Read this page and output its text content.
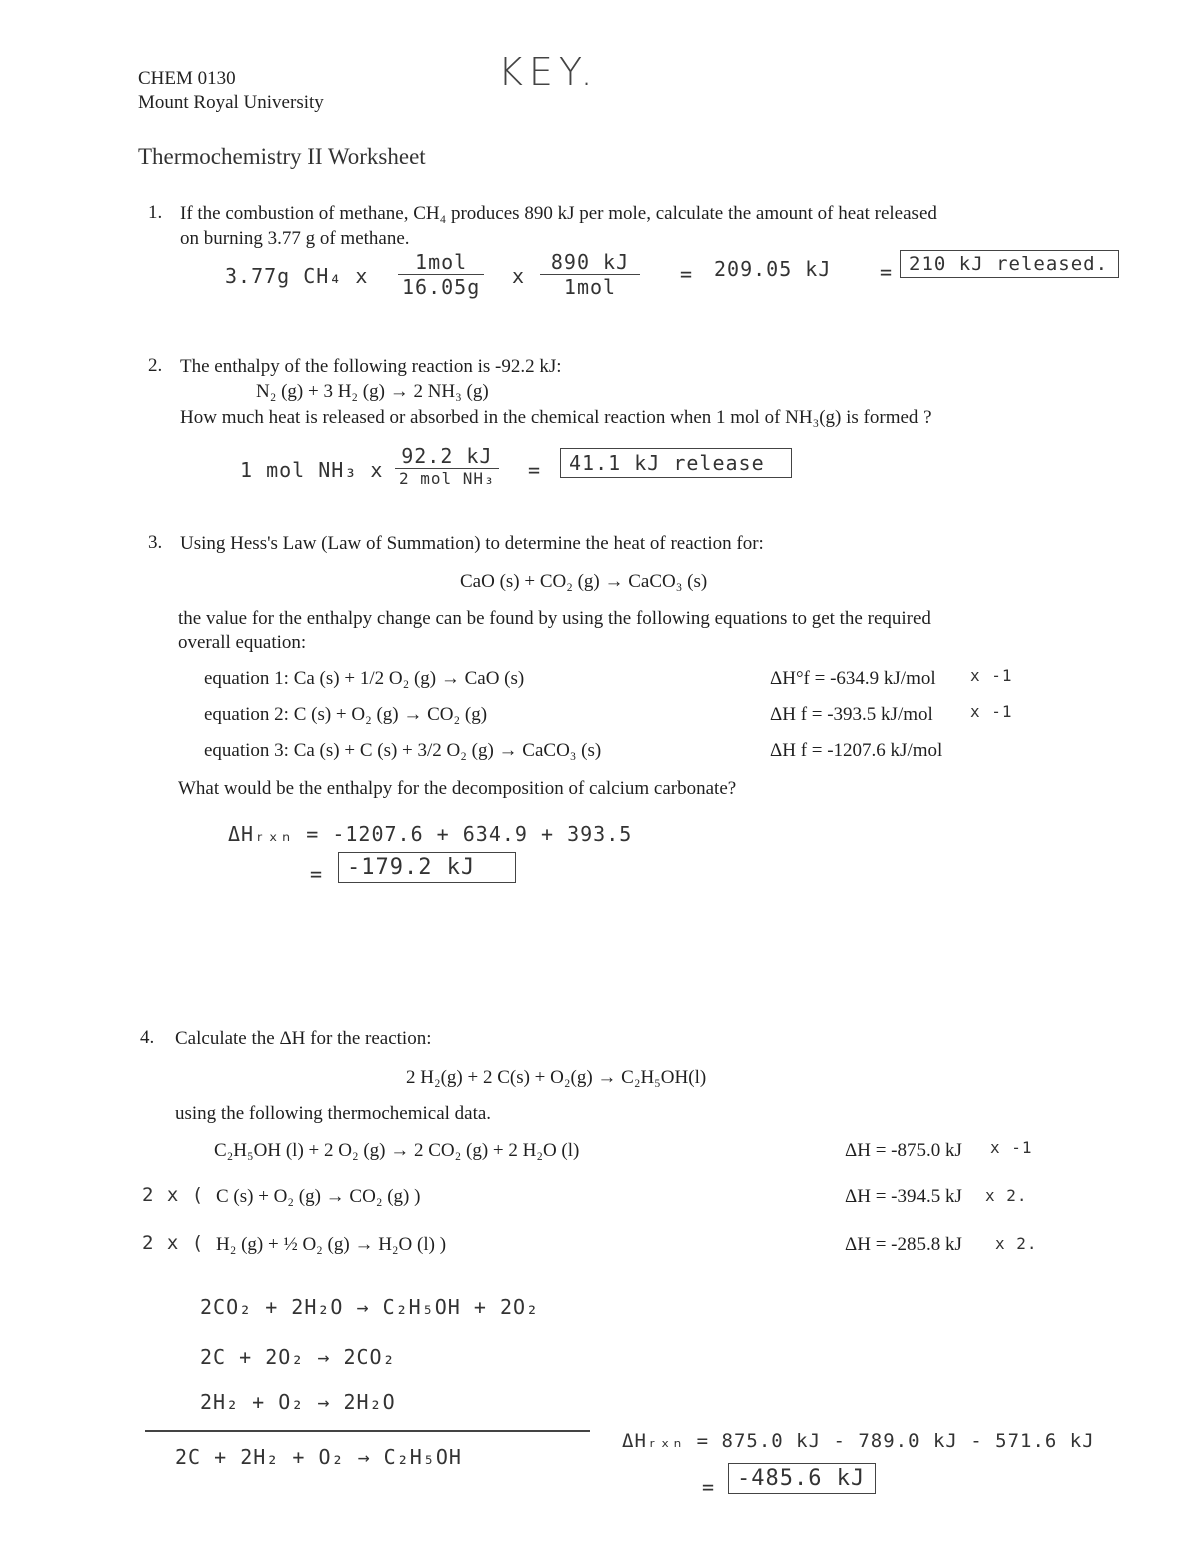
CHEM 0130
Mount Royal University
KEY.
Thermochemistry II Worksheet
1. If the combustion of methane, CH₄ produces 890 kJ per mole, calculate the amount of heat released
on burning 3.77 g of methane.
3.77g CH₄ x $\frac{\text{1mol}}{16.05g}$ x $\frac{890 kJ}{\text{1mol}} = 209.05$ kJ = 210 kJ released.
2. The enthalpy of the following reaction is -92.2 kJ:
N₂ (g) + 3 H₂ (g) → 2 NH₃ (g)
How much heat is released or absorbed in the chemical reaction when 1 mol of NH₃(g) is formed ?
1 mol NH₃ x $\frac{92.2 kJ}{\text{2 mol NH₃}}$ =	41.1 kJ release
3. Using Hess's Law (Law of Summation) to determine the heat of reaction for:
CaO (s) + CO₂ (g) → CaCO₃ (s)
the value for the enthalpy change can be found by using the following equations to get the required
overall equation:
equation 1: Ca (s) + 1/2 O₂ (g) → CaO (s)	ΔH°f = -634.9 kJ/mol x -1
equation 2: C (s) + O₂ (g) → CO₂ (g)	ΔH f = -393.5 kJ/mol x -1
equation 3: Ca (s) + C (s) + 3/2 O₂ (g) → CaCO₃ (s)	ΔH f = -1207.6 kJ/mol
What would be the enthalpy for the decomposition of calcium carbonate?
ΔHᵣₓₙ = -1207.6 + 634.9 + 393.5
=	-179.2 kJ
4. Calculate the ΔH for the reaction:
2 H₂(g) + 2 C(s) + O₂(g) → C₂H₅OH(l)
using the following thermochemical data.
C₂H₅OH (l) + 2 O₂ (g) → 2 CO₂ (g) + 2 H₂O (l)	ΔH = -875.0 kJ x -1
2 x ( C (s) + O₂ (g) → CO₂ (g) )	ΔH = -394.5 kJ x 2.
2 x ( H₂ (g) + ½ O₂ (g) → H₂O (l) )	ΔH = -285.8 kJ x 2.
2CO₂ + 2H₂O → C₂H₅OH + 2O₂
2C + 2O₂ → 2CO₂
2H₂ + O₂ → 2H₂O
2C + 2H₂ + O₂ → C₂H₅OH
ΔHᵣₓₙ = 875.0 kJ - 789.0 kJ - 571.6 kJ
= -485.6 kJ
